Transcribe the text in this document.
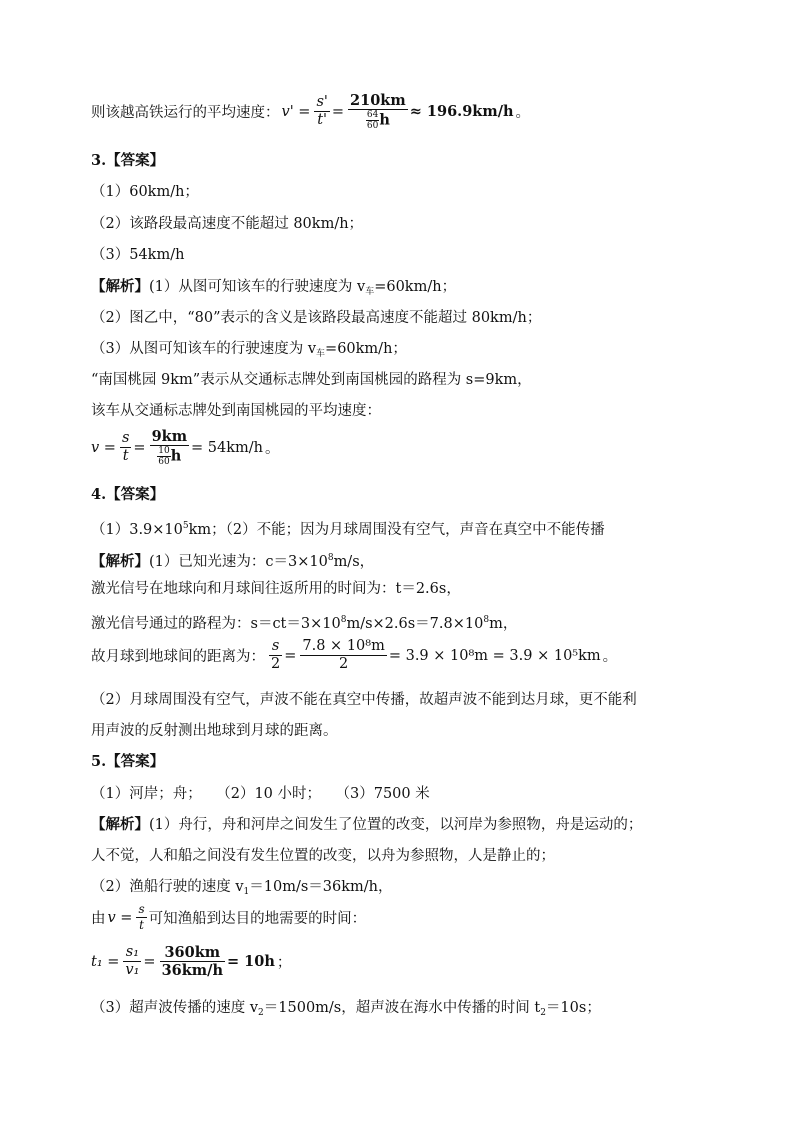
则该越高铁运行的平均速度： $v' = \frac{s'}{t'} = \frac{210km}{\frac{64}{60} h} \approx 196.9km/h$ 。
3.【答案】
（1）60km/h；
（2）该路段最高速度不能超过 80km/h；
（3）54km/h
【解析】(1）从图可知该车的行驶速度为 $v_车=60km/h$；
（2）图乙中，“80”表示的含义是该路段最高速度不能超过 80km/h；
（3）从图可知该车的行驶速度为 $v_车=60km/h$；
“南国桃园 9km”表示从交通标志牌处到南国桃园的路程为 s=9km，
该车从交通标志牌处到南国桃园的平均速度：
$v = \frac{s}{t} = \frac{9km}{\frac{10}{60} h} = 54km/h$ 。
4.【答案】
$(1)3.9\times 10^5km$；（2）不能；因为月球周围没有空气，声音在真空中不能传播
【解析】(1）已知光速为：$c=3\times 10^8m/s$，
激光信号在地球向和月球间往返所用的时间为：t＝2.6s，
激光信号通过的路程为：$s=ct=3\times 10^8m/s\times 2.6s=7.8\times 10^8m$，
故月球到地球间的距离为： $\frac{s}{2} = \frac{\text{7.8 × 10⁸m}}{2} = 3.9 \times 10^8m = 3.9 \times 10^5km$ 。
（2）月球周围没有空气，声波不能在真空中传播，故超声波不能到达月球，更不能利
用声波的反射测出地球到月球的距离。
5.【答案】
（1）河岸；舟；　　（2）10 小时；　　（3）7500 米
【解析】(1）舟行，舟和河岸之间发生了位置的改变，以河岸为参照物，舟是运动的；
人不觉，人和船之间没有发生位置的改变，以舟为参照物，人是静止的；
（2）渔船行驶的速度 $v_1=10m/s=36km/h$，
由 $v = \frac{s}{t}$ 可知渔船到达目的地需要的时间：
$t_1 = \frac{\text{s₁}}{\text{v₁}} = \frac{360km}{36km/h} = 10h$ ；
（3）超声波传播的速度 $v_2=1500m/s$，超声波在海水中传播的时间 $t_2=10s$；
